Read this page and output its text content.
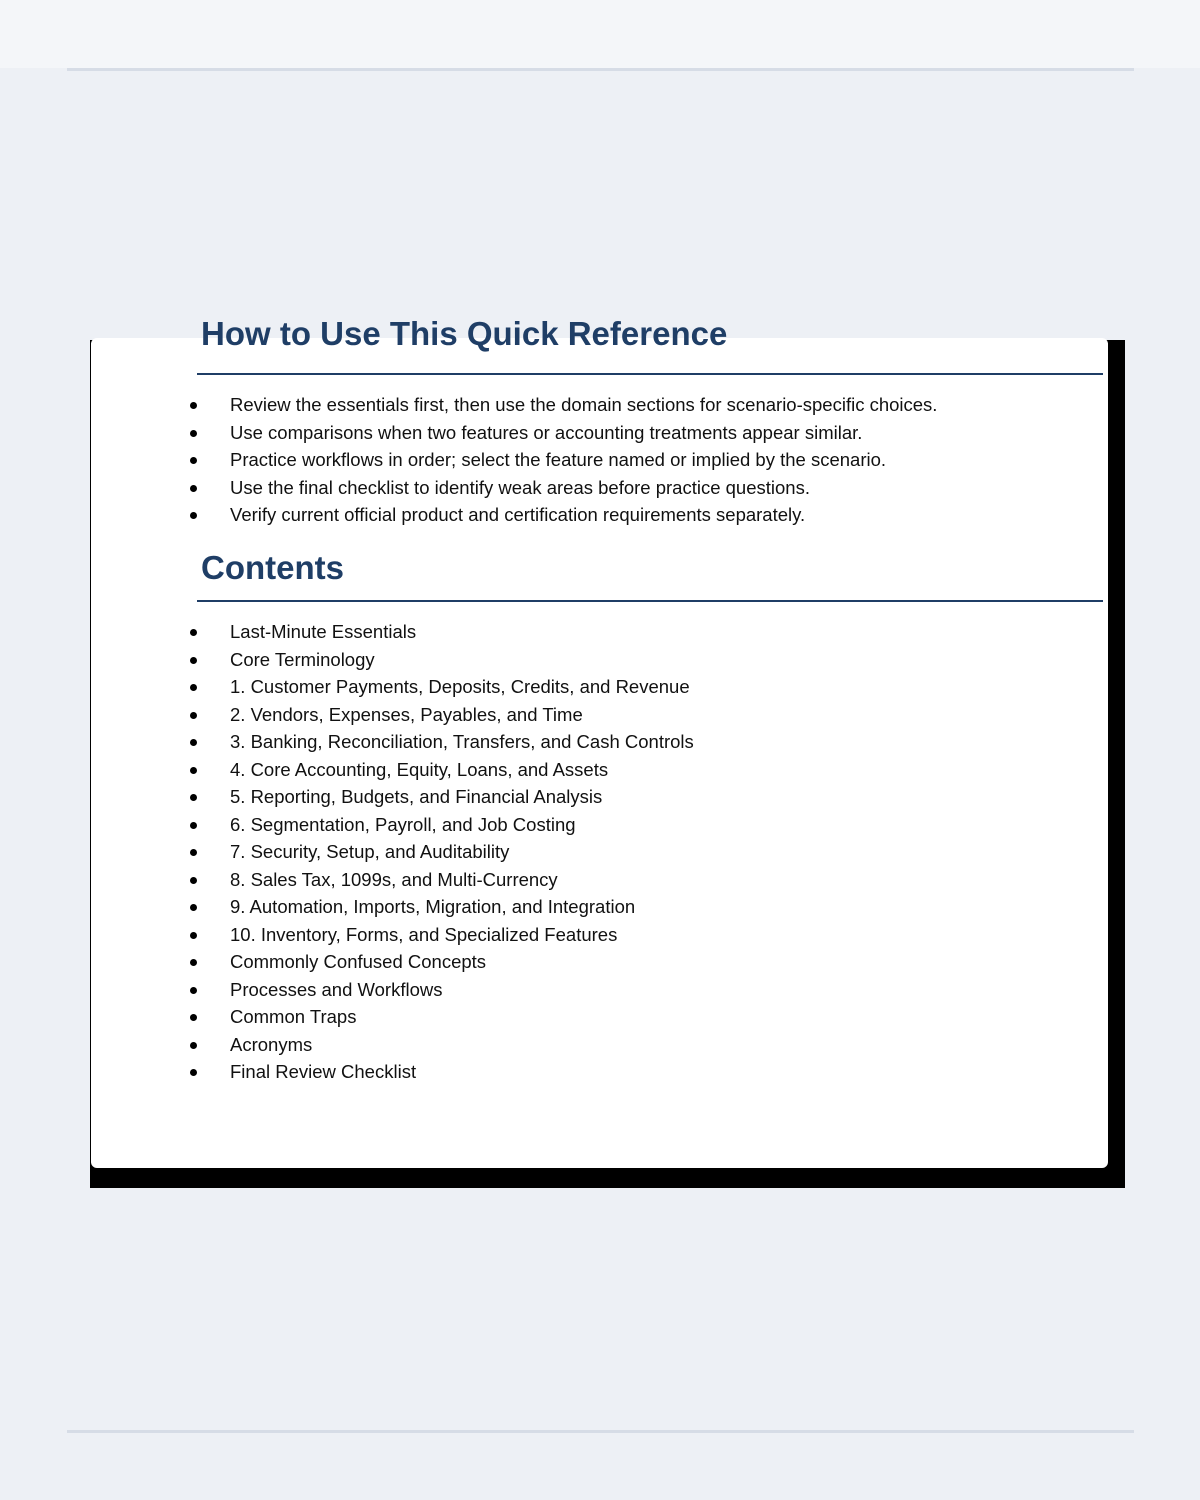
How to Use This Quick Reference
Review the essentials first, then use the domain sections for scenario-specific choices.
Use comparisons when two features or accounting treatments appear similar.
Practice workflows in order; select the feature named or implied by the scenario.
Use the final checklist to identify weak areas before practice questions.
Verify current official product and certification requirements separately.
Contents
Last-Minute Essentials
Core Terminology
1. Customer Payments, Deposits, Credits, and Revenue
2. Vendors, Expenses, Payables, and Time
3. Banking, Reconciliation, Transfers, and Cash Controls
4. Core Accounting, Equity, Loans, and Assets
5. Reporting, Budgets, and Financial Analysis
6. Segmentation, Payroll, and Job Costing
7. Security, Setup, and Auditability
8. Sales Tax, 1099s, and Multi-Currency
9. Automation, Imports, Migration, and Integration
10. Inventory, Forms, and Specialized Features
Commonly Confused Concepts
Processes and Workflows
Common Traps
Acronyms
Final Review Checklist
